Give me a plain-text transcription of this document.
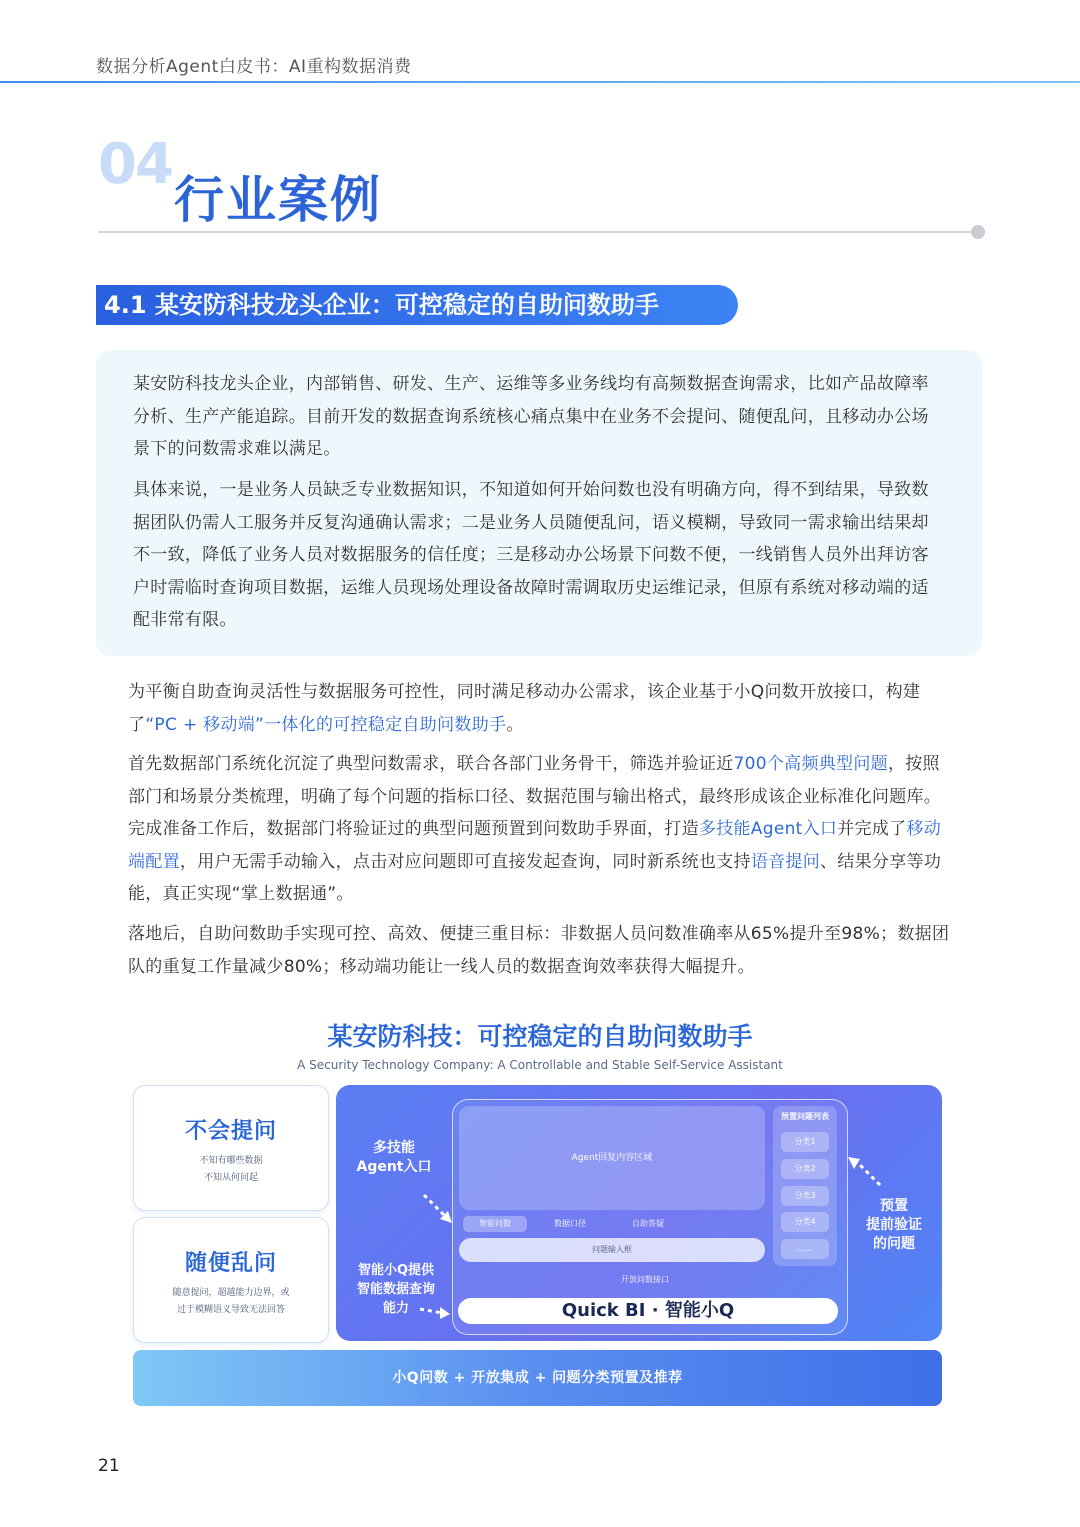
数据分析Agent白皮书：AI重构数据消费
04
行业案例
4.1 某安防科技龙头企业：可控稳定的自助问数助手

某安防科技龙头企业，内部销售、研发、生产、运维等多业务线均有高频数据查询需求，比如产品故障率分析、生产产能追踪。目前开发的数据查询系统核心痛点集中在业务不会提问、随便乱问，且移动办公场景下的问数需求难以满足。

具体来说，一是业务人员缺乏专业数据知识，不知道如何开始问数也没有明确方向，得不到结果，导致数据团队仍需人工服务并反复沟通确认需求；二是业务人员随便乱问，语义模糊，导致同一需求输出结果却不一致，降低了业务人员对数据服务的信任度；三是移动办公场景下问数不便，一线销售人员外出拜访客户时需临时查询项目数据，运维人员现场处理设备故障时需调取历史运维记录，但原有系统对移动端的适配非常有限。

为平衡自助查询灵活性与数据服务可控性，同时满足移动办公需求，该企业基于小Q问数开放接口，构建了“PC + 移动端”一体化的可控稳定自助问数助手。

首先数据部门系统化沉淀了典型问数需求，联合各部门业务骨干，筛选并验证近700个高频典型问题，按照部门和场景分类梳理，明确了每个问题的指标口径、数据范围与输出格式，最终形成该企业标准化问题库。完成准备工作后，数据部门将验证过的典型问题预置到问数助手界面，打造多技能Agent入口并完成了移动端配置，用户无需手动输入，点击对应问题即可直接发起查询，同时新系统也支持语音提问、结果分享等功能，真正实现“掌上数据通”。

落地后，自助问数助手实现可控、高效、便捷三重目标：非数据人员问数准确率从65%提升至98%；数据团队的重复工作量减少80%；移动端功能让一线人员的数据查询效率获得大幅提升。

某安防科技：可控稳定的自助问数助手
A Security Technology Company: A Controllable and Stable Self-Service Assistant
不会提问
不知有哪些数据
不知从何问起
随便乱问
随意提问，超越能力边界，或
过于模糊语义导致无法回答
多技能
Agent入口
智能小Q提供
智能数据查询
能力
预置
提前验证
的问题
Agent回复内容区域
智能问数	数据口径	自助答疑
问题输入框
开放问数接口
Quick BI · 智能小Q
预置问题列表
分类1
分类2
分类3
分类4
……
小Q问数 + 开放集成 + 问题分类预置及推荐
21
